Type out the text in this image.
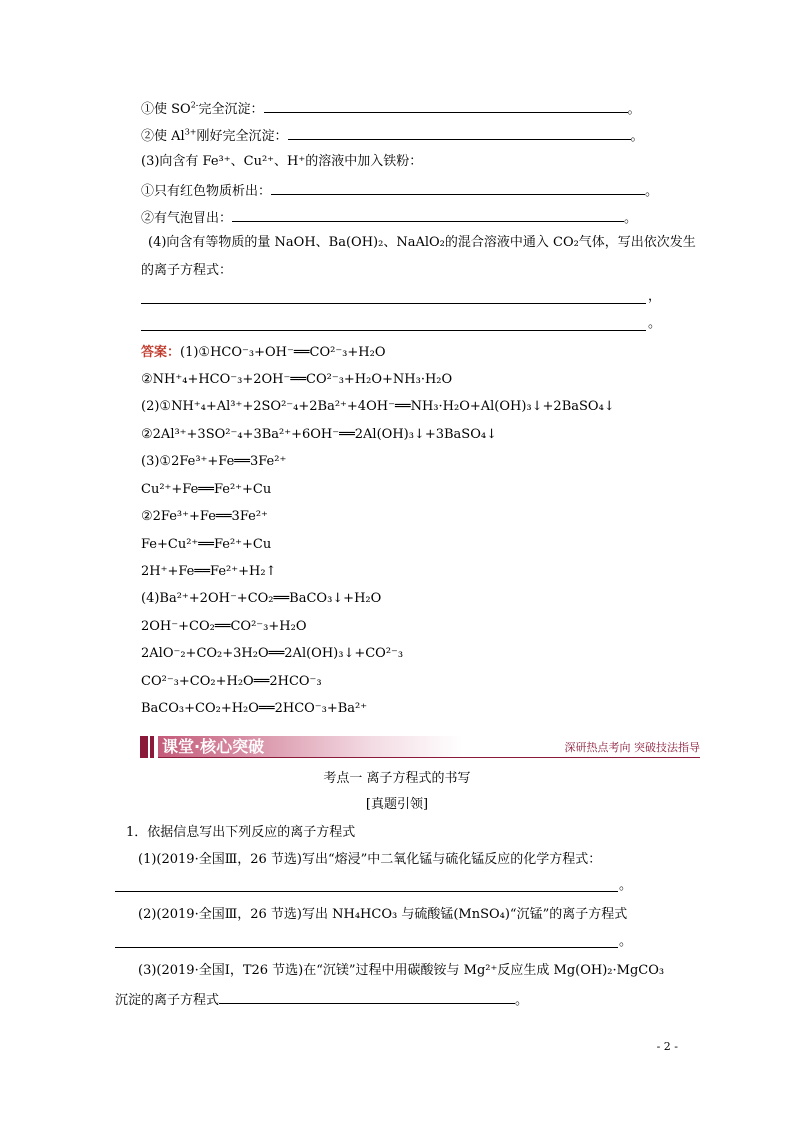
①使 $SO^{2-}$完全沉淀：	。
②使 $Al^{3+}$刚好完全沉淀：	。
(3)向含有 Fe³⁺、Cu²⁺、H⁺的溶液中加入铁粉：
①只有红色物质析出：	。
②有气泡冒出：	。
(4)向含有等物质的量 NaOH、Ba(OH)₂、NaAlO₂的混合溶液中通入 CO₂气体，写出依次发生
的离子方程式：
，
。
答案：(1)①HCO⁻₃+OH⁻══CO²⁻₃+H₂O
②NH⁺₄+HCO⁻₃+2OH⁻══CO²⁻₃+H₂O+NH₃·H₂O
(2)①NH⁺₄+Al³⁺+2SO²⁻₄+2Ba²⁺+4OH⁻══NH₃·H₂O+Al(OH)₃↓+2BaSO₄↓
②2Al³⁺+3SO²⁻₄+3Ba²⁺+6OH⁻══2Al(OH)₃↓+3BaSO₄↓
(3)①2Fe³⁺+Fe══3Fe²⁺
Cu²⁺+Fe══Fe²⁺+Cu
②2Fe³⁺+Fe══3Fe²⁺
Fe+Cu²⁺══Fe²⁺+Cu
2H⁺+Fe══Fe²⁺+H₂↑
(4)Ba²⁺+2OH⁻+CO₂══BaCO₃↓+H₂O
2OH⁻+CO₂══CO²⁻₃+H₂O
2AlO⁻₂+CO₂+3H₂O══2Al(OH)₃↓+CO²⁻₃
CO²⁻₃+CO₂+H₂O══2HCO⁻₃
BaCO₃+CO₂+H₂O══2HCO⁻₃+Ba²⁺
课堂·核心突破	深研热点考向 突破技法指导
考点一 离子方程式的书写
[真题引领]
1．依据信息写出下列反应的离子方程式
(1)(2019·全国Ⅲ，26 节选)写出“熔浸”中二氧化锰与硫化锰反应的化学方程式：
。
(2)(2019·全国Ⅲ，26 节选)写出 NH₄HCO₃ 与硫酸锰(MnSO₄)“沉锰”的离子方程式
。
(3)(2019·全国Ⅰ，T26 节选)在“沉镁”过程中用碳酸铵与 Mg²⁺反应生成 Mg(OH)₂·MgCO₃
沉淀的离子方程式	。
- 2 -
